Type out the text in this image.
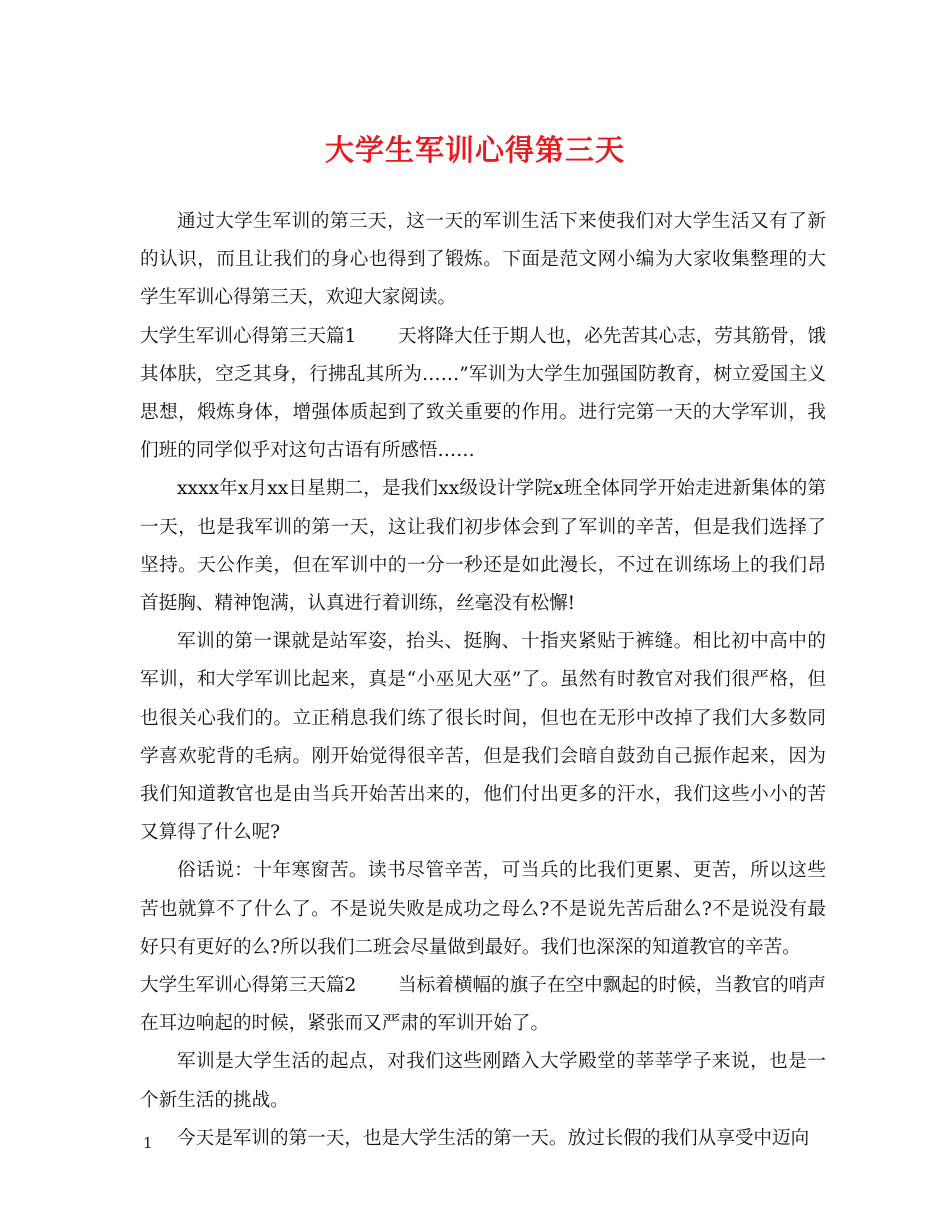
大学生军训心得第三天

通过大学生军训的第三天，这一天的军训生活下来使我们对大学生活又有了新的认识，而且让我们的身心也得到了锻炼。下面是范文网小编为大家收集整理的大学生军训心得第三天，欢迎大家阅读。

大学生军训心得第三天篇1 天将降大任于期人也，必先苦其心志，劳其筋骨，饿其体肤，空乏其身，行拂乱其所为……”军训为大学生加强国防教育，树立爱国主义思想，煅炼身体，增强体质起到了致关重要的作用。进行完第一天的大学军训，我们班的同学似乎对这句古语有所感悟……

xxxx年x月xx日星期二，是我们xx级设计学院x班全体同学开始走进新集体的第一天，也是我军训的第一天，这让我们初步体会到了军训的辛苦，但是我们选择了坚持。天公作美，但在军训中的一分一秒还是如此漫长，不过在训练场上的我们昂首挺胸、精神饱满，认真进行着训练，丝毫没有松懈!

军训的第一课就是站军姿，抬头、挺胸、十指夹紧贴于裤缝。相比初中高中的军训，和大学军训比起来，真是“小巫见大巫”了。虽然有时教官对我们很严格，但也很关心我们的。立正稍息我们练了很长时间，但也在无形中改掉了我们大多数同学喜欢驼背的毛病。刚开始觉得很辛苦，但是我们会暗自鼓劲自己振作起来，因为我们知道教官也是由当兵开始苦出来的，他们付出更多的汗水，我们这些小小的苦又算得了什么呢?

俗话说：十年寒窗苦。读书尽管辛苦，可当兵的比我们更累、更苦，所以这些苦也就算不了什么了。不是说失败是成功之母么?不是说先苦后甜么?不是说没有最好只有更好的么?所以我们二班会尽量做到最好。我们也深深的知道教官的辛苦。

大学生军训心得第三天篇2 当标着横幅的旗子在空中飘起的时候，当教官的哨声在耳边响起的时候，紧张而又严肃的军训开始了。

军训是大学生活的起点，对我们这些刚踏入大学殿堂的莘莘学子来说，也是一个新生活的挑战。

今天是军训的第一天，也是大学生活的第一天。放过长假的我们从享受中迈向

1
